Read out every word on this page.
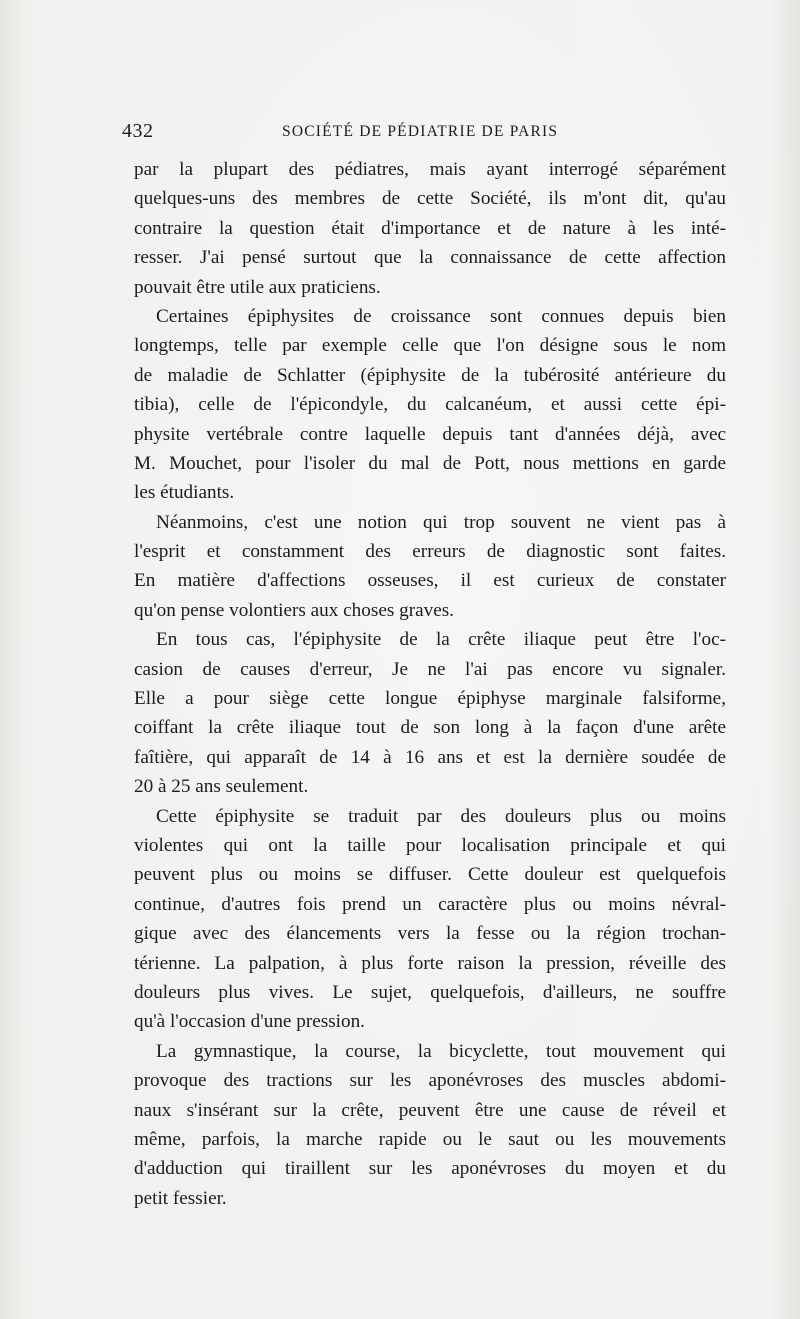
432	SOCIÉTÉ DE PÉDIATRIE DE PARIS
par la plupart des pédiatres, mais ayant interrogé séparément
quelques-uns des membres de cette Société, ils m'ont dit, qu'au
contraire la question était d'importance et de nature à les inté-
resser. J'ai pensé surtout que la connaissance de cette affection
pouvait être utile aux praticiens.
Certaines épiphysites de croissance sont connues depuis bien
longtemps, telle par exemple celle que l'on désigne sous le nom
de maladie de Schlatter (épiphysite de la tubérosité antérieure du
tibia), celle de l'épicondyle, du calcanéum, et aussi cette épi-
physite vertébrale contre laquelle depuis tant d'années déjà, avec
M. Mouchet, pour l'isoler du mal de Pott, nous mettions en garde
les étudiants.
Néanmoins, c'est une notion qui trop souvent ne vient pas à
l'esprit et constamment des erreurs de diagnostic sont faites.
En matière d'affections osseuses, il est curieux de constater
qu'on pense volontiers aux choses graves.
En tous cas, l'épiphysite de la crête iliaque peut être l'oc-
casion de causes d'erreur, Je ne l'ai pas encore vu signaler.
Elle a pour siège cette longue épiphyse marginale falsiforme,
coiffant la crête iliaque tout de son long à la façon d'une arête
faîtière, qui apparaît de 14 à 16 ans et est la dernière soudée de
20 à 25 ans seulement.
Cette épiphysite se traduit par des douleurs plus ou moins
violentes qui ont la taille pour localisation principale et qui
peuvent plus ou moins se diffuser. Cette douleur est quelquefois
continue, d'autres fois prend un caractère plus ou moins névral-
gique avec des élancements vers la fesse ou la région trochan-
térienne. La palpation, à plus forte raison la pression, réveille des
douleurs plus vives. Le sujet, quelquefois, d'ailleurs, ne souffre
qu'à l'occasion d'une pression.
La gymnastique, la course, la bicyclette, tout mouvement qui
provoque des tractions sur les aponévroses des muscles abdomi-
naux s'insérant sur la crête, peuvent être une cause de réveil et
même, parfois, la marche rapide ou le saut ou les mouvements
d'adduction qui tiraillent sur les aponévroses du moyen et du
petit fessier.
